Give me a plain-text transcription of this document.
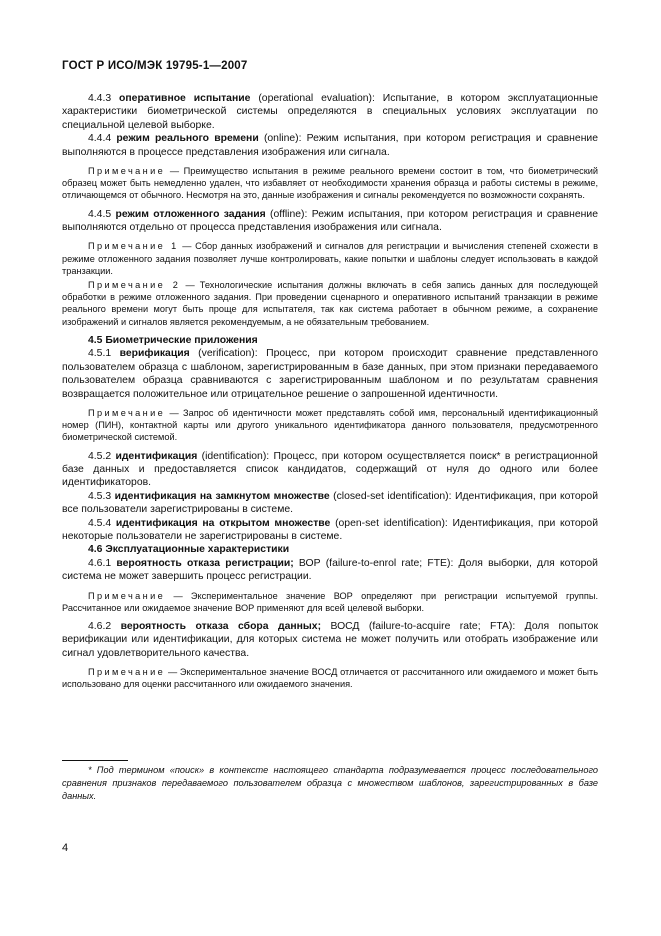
ГОСТ Р ИСО/МЭК 19795-1—2007

4.4.3 оперативное испытание (operational evaluation): Испытание, в котором эксплуатационные характеристики биометрической системы определяются в специальных условиях эксплуатации по специальной целевой выборке.

4.4.4 режим реального времени (online): Режим испытания, при котором регистрация и сравнение выполняются в процессе представления изображения или сигнала.

Примечание — Преимущество испытания в режиме реального времени состоит в том, что биометрический образец может быть немедленно удален, что избавляет от необходимости хранения образца и работы системы в режиме, отличающемся от обычного. Несмотря на это, данные изображения и сигналы рекомендуется по возможности сохранять.

4.4.5 режим отложенного задания (offline): Режим испытания, при котором регистрация и сравнение выполняются отдельно от процесса представления изображения или сигнала.

Примечание 1 — Сбор данных изображений и сигналов для регистрации и вычисления степеней схожести в режиме отложенного задания позволяет лучше контролировать, какие попытки и шаблоны следует использовать в каждой транзакции.

Примечание 2 — Технологические испытания должны включать в себя запись данных для последующей обработки в режиме отложенного задания. При проведении сценарного и оперативного испытаний транзакции в режиме реального времени могут быть проще для испытателя, так как система работает в обычном режиме, а сохранение изображений и сигналов является рекомендуемым, а не обязательным требованием.

4.5 Биометрические приложения

4.5.1 верификация (verification): Процесс, при котором происходит сравнение представленного пользователем образца с шаблоном, зарегистрированным в базе данных, при этом признаки передаваемого пользователем образца сравниваются с зарегистрированным шаблоном и по результатам сравнения возвращается положительное или отрицательное решение о запрошенной идентичности.

Примечание — Запрос об идентичности может представлять собой имя, персональный идентификационный номер (ПИН), контактной карты или другого уникального идентификатора данного пользователя, предусмотренного биометрической системой.

4.5.2 идентификация (identification): Процесс, при котором осуществляется поиск* в регистрационной базе данных и предоставляется список кандидатов, содержащий от нуля до одного или более идентификаторов.

4.5.3 идентификация на замкнутом множестве (closed-set identification): Идентификация, при которой все пользователи зарегистрированы в системе.

4.5.4 идентификация на открытом множестве (open-set identification): Идентификация, при которой некоторые пользователи не зарегистрированы в системе.

4.6 Эксплуатационные характеристики

4.6.1 вероятность отказа регистрации; ВОР (failure-to-enrol rate; FTE): Доля выборки, для которой система не может завершить процесс регистрации.

Примечание — Экспериментальное значение ВОР определяют при регистрации испытуемой группы. Рассчитанное или ожидаемое значение ВОР применяют для всей целевой выборки.

4.6.2 вероятность отказа сбора данных; ВОСД (failure-to-acquire rate; FTA): Доля попыток верификации или идентификации, для которых система не может получить или отобрать изображение или сигнал удовлетворительного качества.

Примечание — Экспериментальное значение ВОСД отличается от рассчитанного или ожидаемого и может быть использовано для оценки рассчитанного или ожидаемого значения.

* Под термином «поиск» в контексте настоящего стандарта подразумевается процесс последовательного сравнения признаков передаваемого пользователем образца с множеством шаблонов, зарегистрированных в базе данных.
4
